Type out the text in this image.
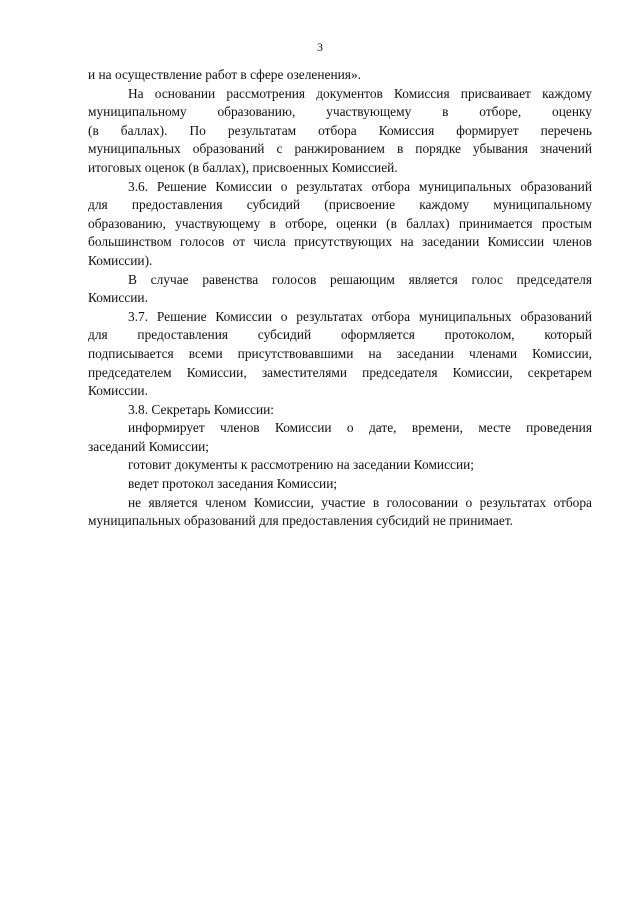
3
и на осуществление работ в сфере озеленения».
На основании рассмотрения документов Комиссия присваивает каждому
муниципальному образованию, участвующему в отборе, оценку
(в баллах). По результатам отбора Комиссия формирует перечень
муниципальных образований с ранжированием в порядке убывания значений
итоговых оценок (в баллах), присвоенных Комиссией.
3.6. Решение Комиссии о результатах отбора муниципальных образований
для предоставления субсидий (присвоение каждому муниципальному
образованию, участвующему в отборе, оценки (в баллах) принимается простым
большинством голосов от числа присутствующих на заседании Комиссии членов
Комиссии).
В случае равенства голосов решающим является голос председателя
Комиссии.
3.7. Решение Комиссии о результатах отбора муниципальных образований
для предоставления субсидий оформляется протоколом, который
подписывается всеми присутствовавшими на заседании членами Комиссии,
председателем Комиссии, заместителями председателя Комиссии, секретарем
Комиссии.
3.8. Секретарь Комиссии:
информирует членов Комиссии о дате, времени, месте проведения
заседаний Комиссии;
готовит документы к рассмотрению на заседании Комиссии;
ведет протокол заседания Комиссии;
не является членом Комиссии, участие в голосовании о результатах отбора
муниципальных образований для предоставления субсидий не принимает.
